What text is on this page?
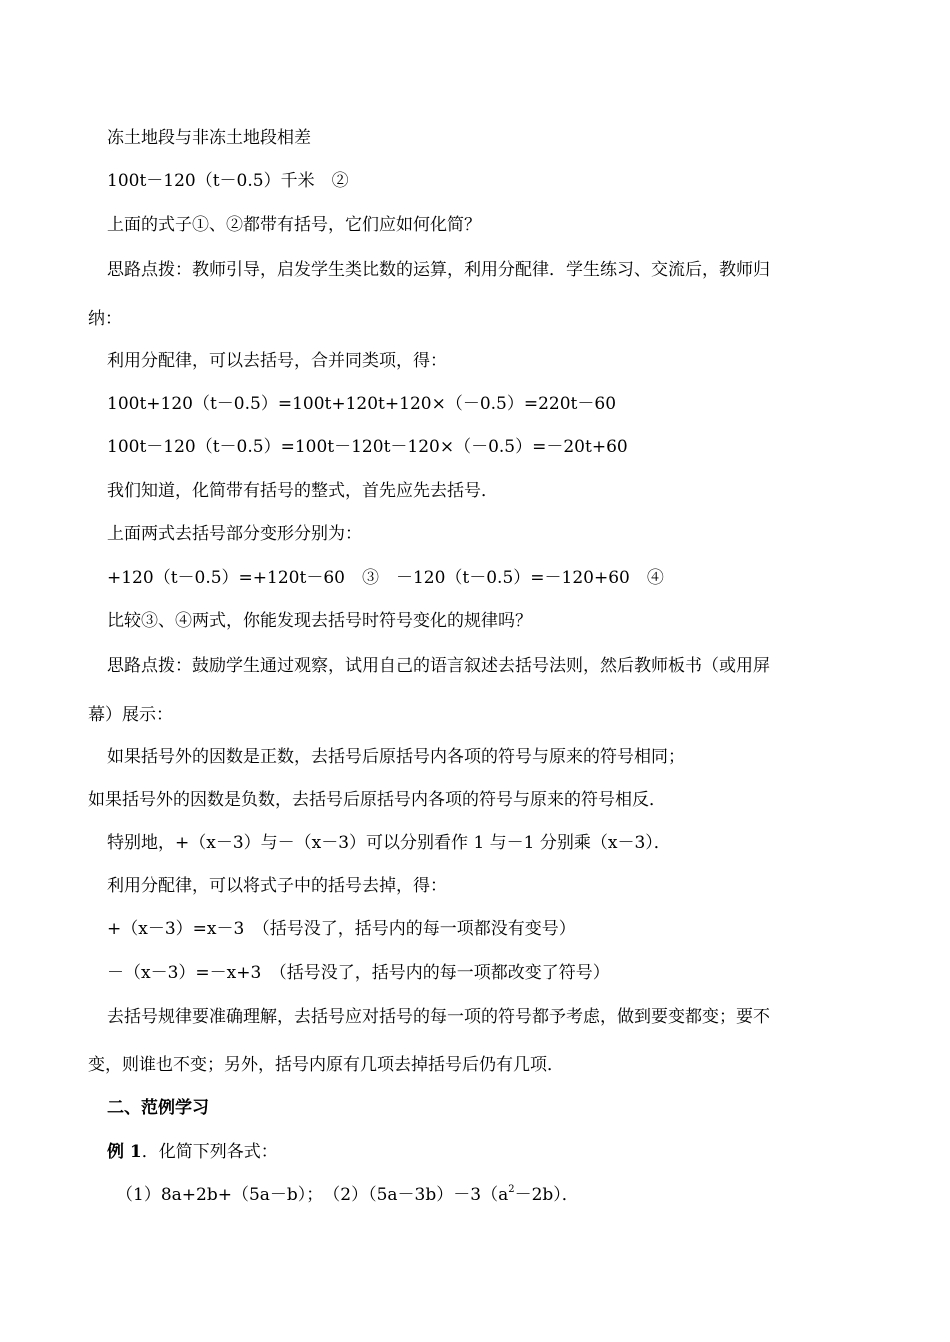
冻土地段与非冻土地段相差
100t－120（t－0.5）千米　②
上面的式子①、②都带有括号，它们应如何化简？
思路点拨：教师引导，启发学生类比数的运算，利用分配律．学生练习、交流后，教师归
纳：
利用分配律，可以去括号，合并同类项，得：
100t+120（t－0.5）=100t+120t+120×（－0.5）=220t－60
100t－120（t－0.5）=100t－120t－120×（－0.5）=－20t+60
我们知道，化简带有括号的整式，首先应先去括号．
上面两式去括号部分变形分别为：
+120（t－0.5）=+120t－60　③　－120（t－0.5）=－120+60　④
比较③、④两式，你能发现去括号时符号变化的规律吗？
思路点拨：鼓励学生通过观察，试用自己的语言叙述去括号法则，然后教师板书（或用屏
幕）展示：
如果括号外的因数是正数，去括号后原括号内各项的符号与原来的符号相同；
如果括号外的因数是负数，去括号后原括号内各项的符号与原来的符号相反．
特别地，+（x－3）与－（x－3）可以分别看作 1 与－1 分别乘（x－3）．
利用分配律，可以将式子中的括号去掉，得：
+（x－3）=x－3　（括号没了，括号内的每一项都没有变号）
－（x－3）=－x+3　（括号没了，括号内的每一项都改变了符号）
去括号规律要准确理解，去括号应对括号的每一项的符号都予考虑，做到要变都变；要不
变，则谁也不变；另外，括号内原有几项去掉括号后仍有几项．
二、范例学习
例 1．化简下列各式：
（1）8a+2b+（5a－b）；　$(2)(5a-3b)-3(a^2-2b)$．
